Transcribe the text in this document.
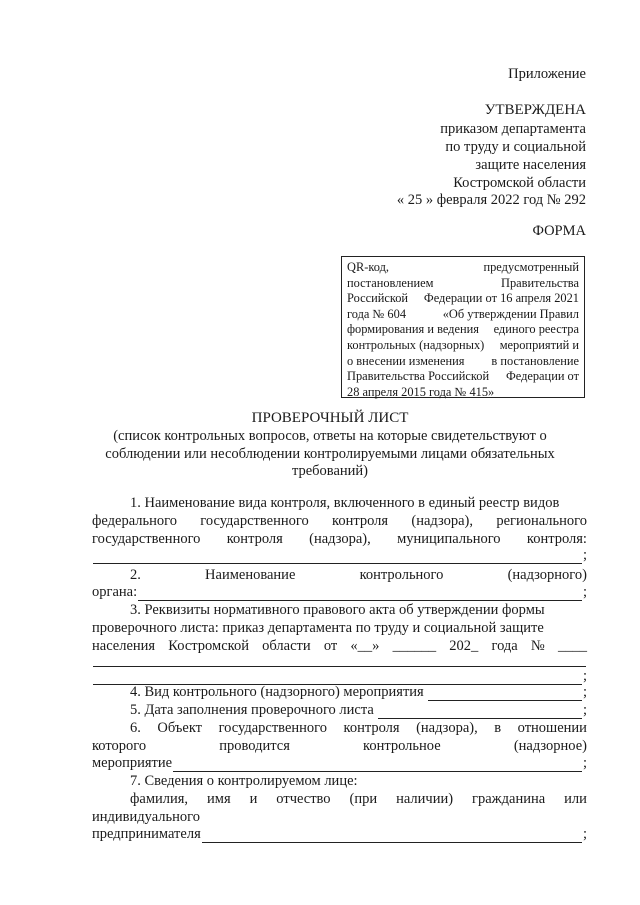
Приложение
УТВЕРЖДЕНА
приказом департамента
по труду и социальной
защите населения
Костромской области
« 25 » февраля 2022 год № 292
ФОРМА
QR-код,	предусмотренный
постановлением	Правительства
Российской Федерации от 16 апреля 2021
года № 604	«Об утверждении Правил
формирования и ведения единого реестра
контрольных (надзорных) мероприятий и
о внесении изменения в постановление
Правительства Российской Федерации от
28 апреля 2015 года № 415»
ПРОВЕРОЧНЫЙ ЛИСТ
(список контрольных вопросов, ответы на которые свидетельствуют о
соблюдении или несоблюдении контролируемыми лицами обязательных
требований)
1. Наименование вида контроля, включенного в единый реестр видов
федерального государственного контроля (надзора), регионального
государственного контроля (надзора), муниципального контроля:
;
2.	Наименование	контрольного	(надзорного)
органа:	;
3. Реквизиты нормативного правового акта об утверждении формы
проверочного листа: приказ департамента по труду и социальной защите
населения Костромской области от «__» ______ 202_ года № ____
;
4. Вид контрольного (надзорного) мероприятия	;
5. Дата заполнения проверочного листа	;
6. Объект государственного контроля (надзора), в отношении
которого	проводится	контрольное	(надзорное)
мероприятие	;
7. Сведения о контролируемом лице:
фамилия, имя и отчество (при наличии) гражданина или
индивидуального
предпринимателя	;
